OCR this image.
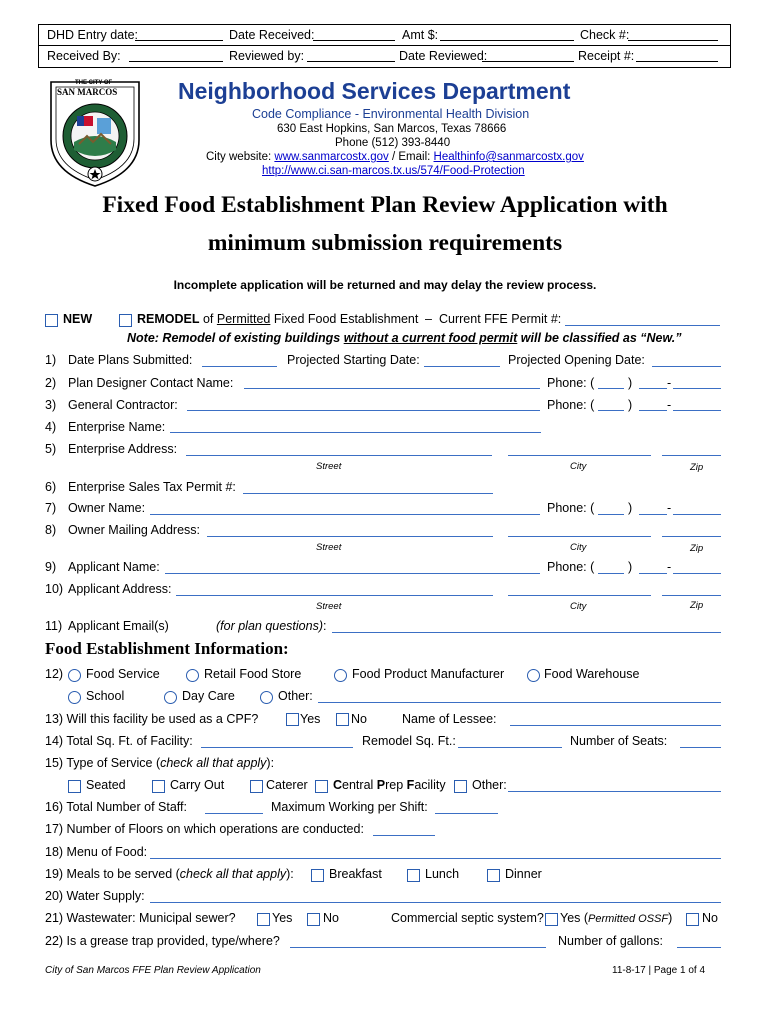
DHD Entry date:	Date Received:	Amt $:	Check #:
Received By:	Reviewed by:	Date Reviewed:	Receipt #:
THE CITY OF
SAN MARCOS	Neighborhood Services Department
Code Compliance - Environmental Health Division
630 East Hopkins, San Marcos, Texas 78666
Phone (512) 393-8440
City website: www.sanmarcostx.gov / Email: Healthinfo@sanmarcostx.gov
http://www.ci.san-marcos.tx.us/574/Food-Protection
Fixed Food Establishment Plan Review Application with
minimum submission requirements
Incomplete application will be returned and may delay the review process.
NEW	REMODEL of Permitted Fixed Food Establishment – Current FFE Permit #:
Note: Remodel of existing buildings without a current food permit will be classified as “New.”
1) Date Plans Submitted:	Projected Starting Date:	Projected Opening Date:
2) Plan Designer Contact Name:	Phone: (	)	-
3) General Contractor:	Phone: (	)	-
4) Enterprise Name:
5) Enterprise Address:
Street	City	Zip
6) Enterprise Sales Tax Permit #:
7) Owner Name:	Phone: (	)	-
8) Owner Mailing Address:
Street	City	Zip
9) Applicant Name:	Phone: (	)	-
10) Applicant Address:
Street	City	Zip
11) Applicant Email(s)	(for plan questions):
Food Establishment Information:
12) Food Service	Retail Food Store	Food Product Manufacturer	Food Warehouse
School	Day Care	Other:
13) Will this facility be used as a CPF?	Yes No	Name of Lessee:
14) Total Sq. Ft. of Facility:	Remodel Sq. Ft.:	Number of Seats:
15) Type of Service (check all that apply):
Seated	Carry Out	Caterer Central Prep Facility Other:
16) Total Number of Staff:	Maximum Working per Shift:
17) Number of Floors on which operations are conducted:
18) Menu of Food:
19) Meals to be served (check all that apply):	Breakfast	Lunch	Dinner
20) Water Supply:
21) Wastewater: Municipal sewer?	Yes No	Commercial septic system? Yes (Permitted OSSF) No
22) Is a grease trap provided, type/where?	Number of gallons:
City of San Marcos FFE Plan Review Application	11-8-17 | Page 1 of 4
